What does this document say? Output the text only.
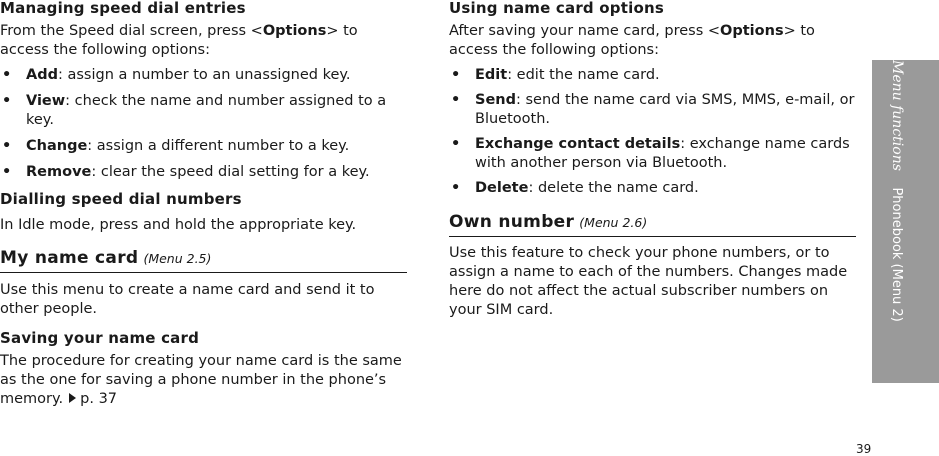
Managing speed dial entries

From the Speed dial screen, press <Options> to access the following options:

• Add: assign a number to an unassigned key.
• View: check the name and number assigned to a key.
• Change: assign a different number to a key.
• Remove: clear the speed dial setting for a key.
Dialling speed dial numbers

In Idle mode, press and hold the appropriate key.

My name card (Menu 2.5)

Use this menu to create a name card and send it to other people.

Saving your name card

The procedure for creating your name card is the same as the one for saving a phone number in the phone’s memory. p. 37

Using name card options

After saving your name card, press <Options> to access the following options:

• Edit: edit the name card.
• Send: send the name card via SMS, MMS, e-mail, or Bluetooth.
• Exchange contact details: exchange name cards with another person via Bluetooth.
• Delete: delete the name card.
Own number (Menu 2.6)

Use this feature to check your phone numbers, or to assign a name to each of the numbers. Changes made here do not affect the actual subscriber numbers on your SIM card.

Menu functions    Phonebook (Menu 2)
39
